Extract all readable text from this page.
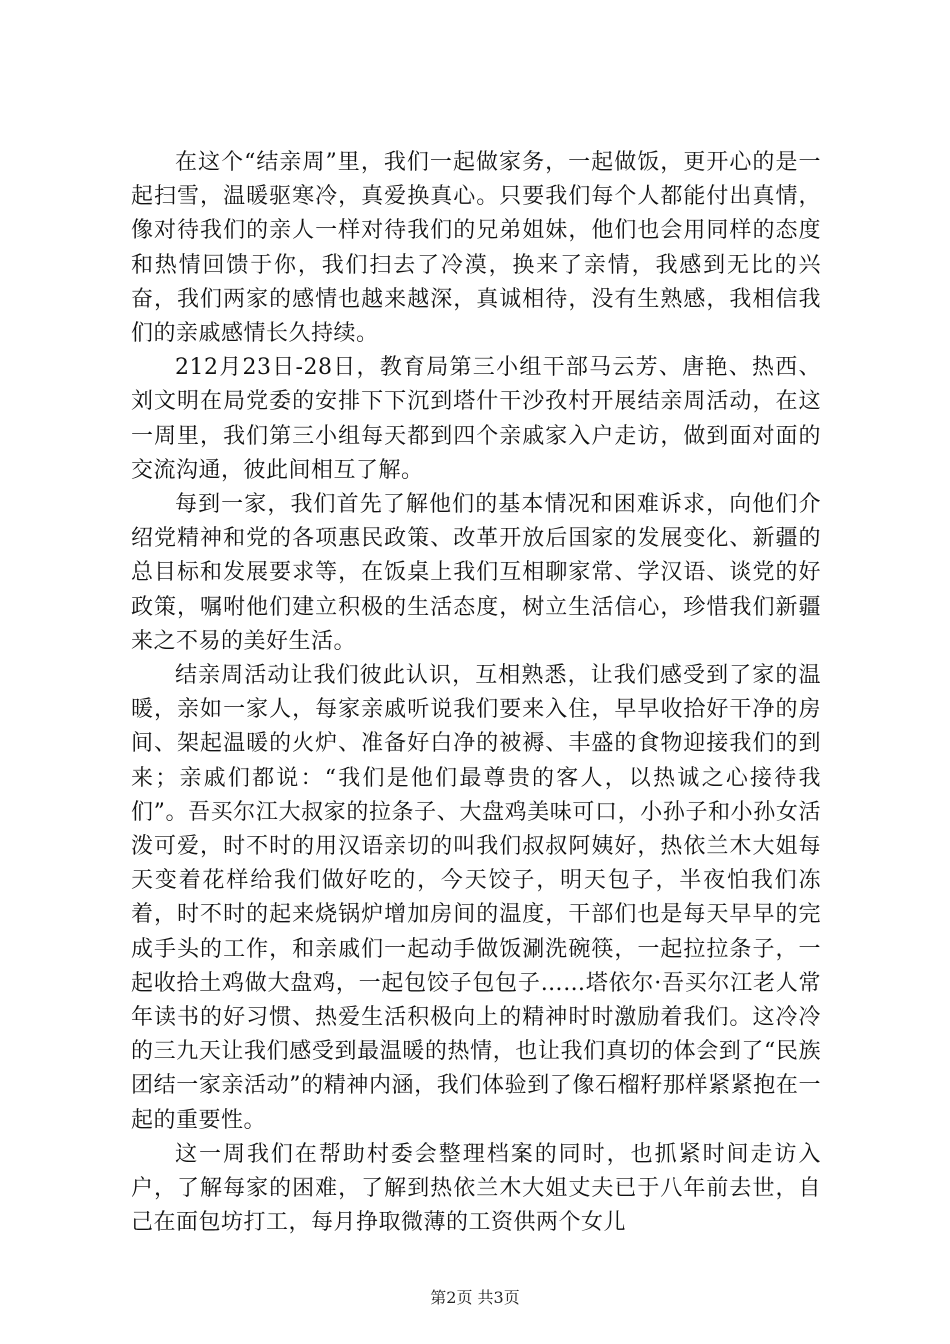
在这个“结亲周”里，我们一起做家务，一起做饭，更开心的是一起扫雪，温暖驱寒冷，真爱换真心。只要我们每个人都能付出真情，像对待我们的亲人一样对待我们的兄弟姐妹，他们也会用同样的态度和热情回馈于你，我们扫去了冷漠，换来了亲情，我感到无比的兴奋，我们两家的感情也越来越深，真诚相待，没有生熟感，我相信我们的亲戚感情长久持续。

212月23日-28日，教育局第三小组干部马云芳、唐艳、热西、刘文明在局党委的安排下下沉到塔什干沙孜村开展结亲周活动，在这一周里，我们第三小组每天都到四个亲戚家入户走访，做到面对面的交流沟通，彼此间相互了解。

每到一家，我们首先了解他们的基本情况和困难诉求，向他们介绍党精神和党的各项惠民政策、改革开放后国家的发展变化、新疆的总目标和发展要求等，在饭桌上我们互相聊家常、学汉语、谈党的好政策，嘱咐他们建立积极的生活态度，树立生活信心，珍惜我们新疆来之不易的美好生活。

结亲周活动让我们彼此认识，互相熟悉，让我们感受到了家的温暖，亲如一家人，每家亲戚听说我们要来入住，早早收拾好干净的房间、架起温暖的火炉、准备好白净的被褥、丰盛的食物迎接我们的到来；亲戚们都说：“我们是他们最尊贵的客人，以热诚之心接待我们”。吾买尔江大叔家的拉条子、大盘鸡美味可口，小孙子和小孙女活泼可爱，时不时的用汉语亲切的叫我们叔叔阿姨好，热依兰木大姐每天变着花样给我们做好吃的，今天饺子，明天包子，半夜怕我们冻着，时不时的起来烧锅炉增加房间的温度，干部们也是每天早早的完成手头的工作，和亲戚们一起动手做饭涮洗碗筷，一起拉拉条子，一起收拾土鸡做大盘鸡，一起包饺子包包子……塔依尔·吾买尔江老人常年读书的好习惯、热爱生活积极向上的精神时时激励着我们。这冷冷的三九天让我们感受到最温暖的热情，也让我们真切的体会到了“民族团结一家亲活动”的精神内涵，我们体验到了像石榴籽那样紧紧抱在一起的重要性。

这一周我们在帮助村委会整理档案的同时，也抓紧时间走访入户，了解每家的困难，了解到热依兰木大姐丈夫已于八年前去世，自己在面包坊打工，每月挣取微薄的工资供两个女儿

第2页 共3页
